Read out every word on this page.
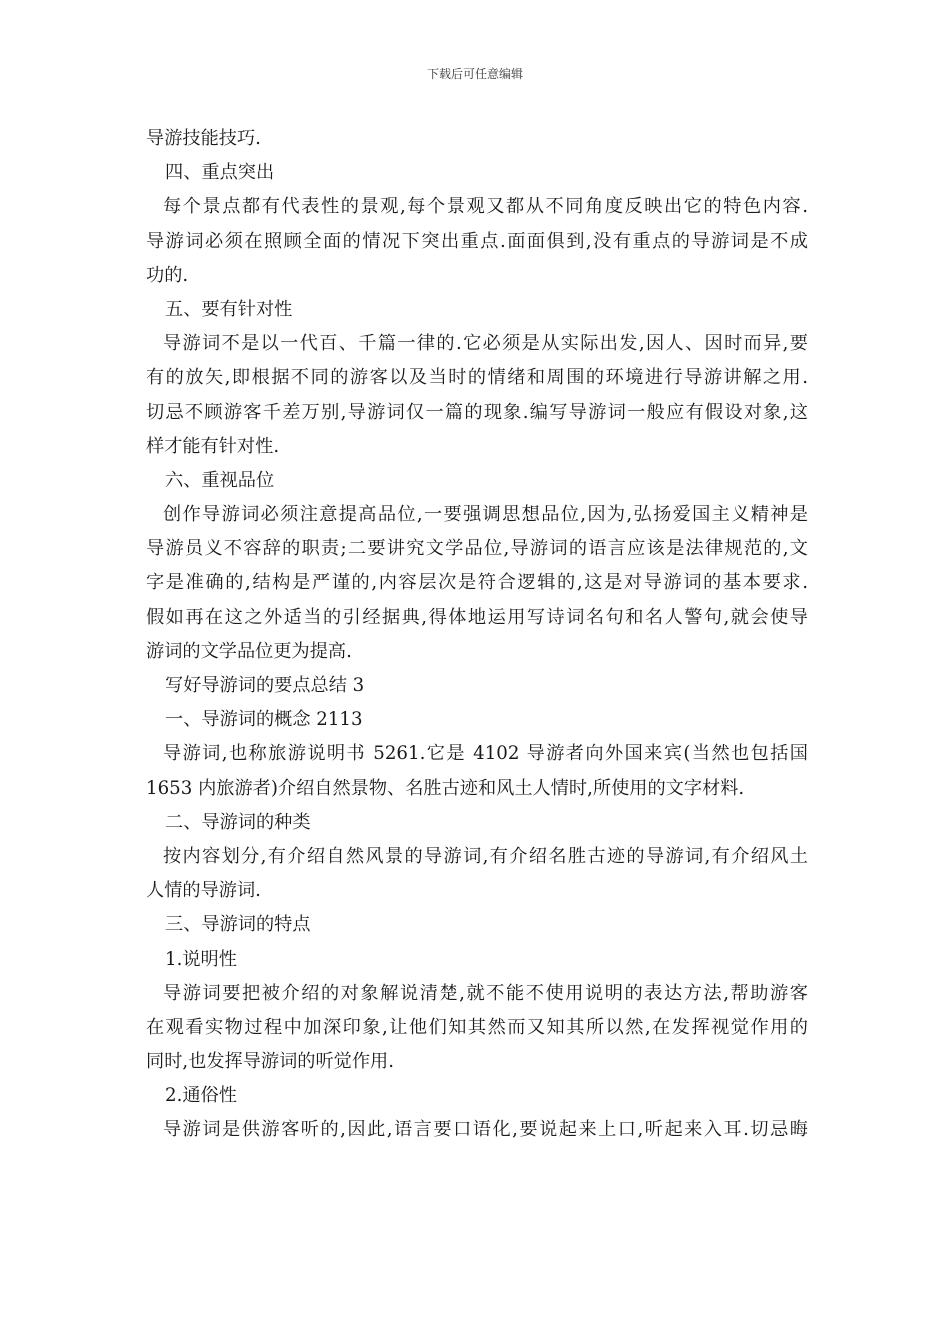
下载后可任意编辑
导游技能技巧.
四、重点突出
每个景点都有代表性的景观,每个景观又都从不同角度反映出它的特色内容.
导游词必须在照顾全面的情况下突出重点.面面俱到,没有重点的导游词是不成
功的.
五、要有针对性
导游词不是以一代百、千篇一律的.它必须是从实际出发,因人、因时而异,要
有的放矢,即根据不同的游客以及当时的情绪和周围的环境进行导游讲解之用.
切忌不顾游客千差万别,导游词仅一篇的现象.编写导游词一般应有假设对象,这
样才能有针对性.
六、重视品位
创作导游词必须注意提高品位,一要强调思想品位,因为,弘扬爱国主义精神是
导游员义不容辞的职责;二要讲究文学品位,导游词的语言应该是法律规范的,文
字是准确的,结构是严谨的,内容层次是符合逻辑的,这是对导游词的基本要求.
假如再在这之外适当的引经据典,得体地运用写诗词名句和名人警句,就会使导
游词的文学品位更为提高.
写好导游词的要点总结 3
一、导游词的概念 2113
导游词,也称旅游说明书 5261.它是 4102 导游者向外国来宾(当然也包括国
1653 内旅游者)介绍自然景物、名胜古迹和风土人情时,所使用的文字材料.
二、导游词的种类
按内容划分,有介绍自然风景的导游词,有介绍名胜古迹的导游词,有介绍风土
人情的导游词.
三、导游词的特点
1.说明性
导游词要把被介绍的对象解说清楚,就不能不使用说明的表达方法,帮助游客
在观看实物过程中加深印象,让他们知其然而又知其所以然,在发挥视觉作用的
同时,也发挥导游词的听觉作用.
2.通俗性
导游词是供游客听的,因此,语言要口语化,要说起来上口,听起来入耳.切忌晦
